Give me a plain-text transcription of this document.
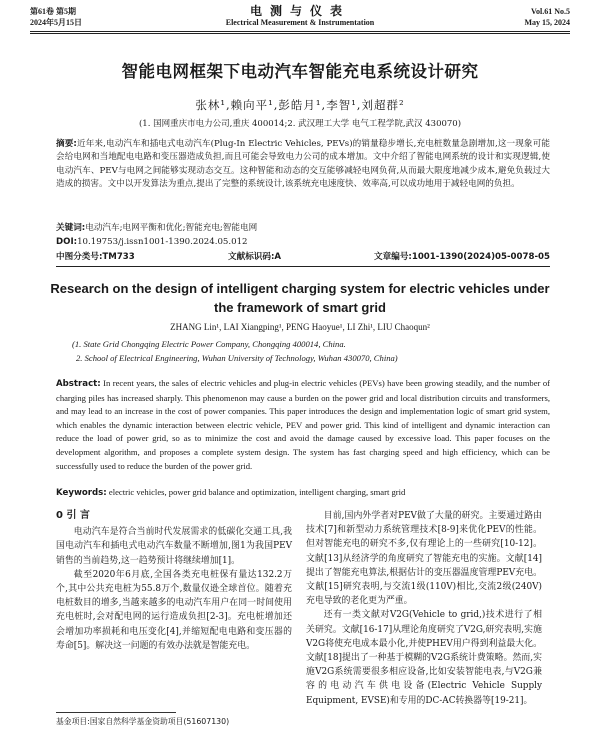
第61卷 第5期
2024年5月15日
电测与仪表
Electrical Measurement & Instrumentation
Vol.61 No.5
May 15, 2024
智能电网框架下电动汽车智能充电系统设计研究
张林¹,赖向平¹,彭皓月¹,李智¹,刘超群²
(1. 国网重庆市电力公司,重庆 400014;2. 武汉理工大学 电气工程学院,武汉 430070)
摘要:近年来,电动汽车和插电式电动汽车(Plug-In Electric Vehicles, PEVs)的销量稳步增长,充电桩数量急剧增加,这一现象可能会给电网和当地配电电路和变压器造成负担,而且可能会导致电力公司的成本增加。文中介绍了智能电网系统的设计和实现逻辑,使电动汽车、PEV与电网之间能够实现动态交互。这种智能和动态的交互能够减轻电网负荷,从而最大限度地减少成本,避免负载过大造成的损害。文中以开发算法为重点,提出了完整的系统设计,该系统充电速度快、效率高,可以成功地用于减轻电网的负担。
关键词:电动汽车;电网平衡和优化;智能充电;智能电网
DOI:10.19753/j.issn1001-1390.2024.05.012
中图分类号:TM733	文献标识码:A	文章编号:1001-1390(2024)05-0078-05
Research on the design of intelligent charging system for electric vehicles under the framework of smart grid
ZHANG Lin¹, LAI Xiangping¹, PENG Haoyue¹, LI Zhi¹, LIU Chaoqun²
(1. State Grid Chongqing Electric Power Company, Chongqing 400014, China.
2. School of Electrical Engineering, Wuhan University of Technology, Wuhan 430070, China)
Abstract: In recent years, the sales of electric vehicles and plug-in electric vehicles (PEVs) have been growing steadily, and the number of charging piles has increased sharply. This phenomenon may cause a burden on the power grid and local distribution circuits and transformers, and may lead to an increase in the cost of power companies. This paper introduces the design and implementation logic of smart grid system, which enables the dynamic interaction between electric vehicle, PEV and power grid. This kind of intelligent and dynamic interaction can reduce the load of power grid, so as to minimize the cost and avoid the damage caused by excessive load. This paper focuses on the development algorithm, and proposes a complete system design. The system has fast charging speed and high efficiency, which can be successfully used to reduce the burden of the power grid.
Keywords: electric vehicles, power grid balance and optimization, intelligent charging, smart grid
0 引 言

电动汽车是符合当前时代发展需求的低碳化交通工具,我国电动汽车和插电式电动汽车数量不断增加,图1为我国PEV销售的当前趋势,这一趋势预计将继续增加[1]。

截至2020年6月底,全国各类充电桩保有量达132.2万个,其中公共充电桩为55.8万个,数量仅逊全球首位。随着充电桩数目的增多,当越来越多的电动汽车用户在同一时间使用充电桩时,会对配电网的运行造成负担[2-3]。充电桩增加还会增加功率损耗和电压变化[4],并缩短配电电路和变压器的寿命[5]。解决这一问题的有效办法就是智能充电。

目前,国内外学者对PEV做了大量的研究。主要通过路由技术[7]和新型动力系统管理技术[8-9]来优化PEV的性能。但对智能充电的研究不多,仅有理论上的一些研究[10-12]。文献[13]从经济学的角度研究了智能充电的实施。文献[14]提出了智能充电算法,根据估计的变压器温度管理PEV充电。文献[15]研究表明,与交流1级(110V)相比,交流2级(240V)充电导致的老化更为严重。

还有一类文献对V2G(Vehicle to grid,)技术进行了相关研究。文献[16-17]从理论角度研究了V2G,研究表明,实施V2G将使充电成本最小化,并使PHEV用户得到利益最大化。文献[18]提出了一种基于模糊的V2G系统计费策略。然而,实施V2G系统需要很多相应设备,比如安装智能电表,与V2G兼容的电动汽车供电设备(Electric Vehicle Supply Equipment, EVSE)和专用的DC-AC转换器等[19-21]。

基金项目:国家自然科学基金资助项目(51607130)
